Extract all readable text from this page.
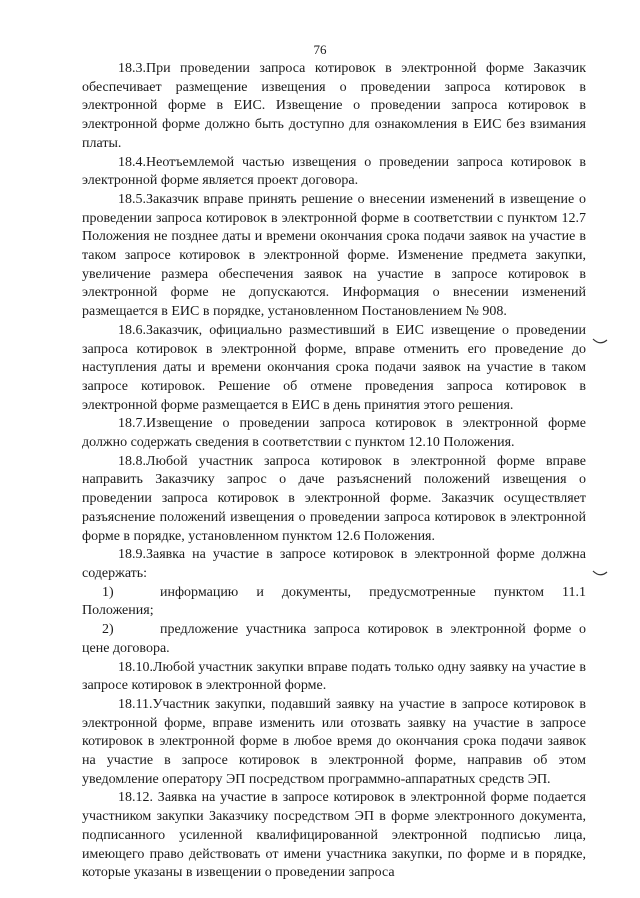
76

18.3.При проведении запроса котировок в электронной форме Заказчик обеспечивает размещение извещения о проведении запроса котировок в электронной форме в ЕИС. Извещение о проведении запроса котировок в электронной форме должно быть доступно для ознакомления в ЕИС без взимания платы.

18.4.Неотъемлемой частью извещения о проведении запроса котировок в электронной форме является проект договора.

18.5.Заказчик вправе принять решение о внесении изменений в извещение о проведении запроса котировок в электронной форме в соответствии с пунктом 12.7 Положения не позднее даты и времени окончания срока подачи заявок на участие в таком запросе котировок в электронной форме. Изменение предмета закупки, увеличение размера обеспечения заявок на участие в запросе котировок в электронной форме не допускаются. Информация о внесении изменений размещается в ЕИС в порядке, установленном Постановлением № 908.

18.6.Заказчик, официально разместивший в ЕИС извещение о проведении запроса котировок в электронной форме, вправе отменить его проведение до наступления даты и времени окончания срока подачи заявок на участие в таком запросе котировок. Решение об отмене проведения запроса котировок в электронной форме размещается в ЕИС в день принятия этого решения.

18.7.Извещение о проведении запроса котировок в электронной форме должно содержать сведения в соответствии с пунктом 12.10 Положения.

18.8.Любой участник запроса котировок в электронной форме вправе направить Заказчику запрос о даче разъяснений положений извещения о проведении запроса котировок в электронной форме. Заказчик осуществляет разъяснение положений извещения о проведении запроса котировок в электронной форме в порядке, установленном пунктом 12.6 Положения.

18.9.Заявка на участие в запросе котировок в электронной форме должна содержать:

1)	информацию и документы, предусмотренные пунктом 11.1 Положения;

2)	предложение участника запроса котировок в электронной форме о цене договора.

18.10.Любой участник закупки вправе подать только одну заявку на участие в запросе котировок в электронной форме.

18.11.Участник закупки, подавший заявку на участие в запросе котировок в электронной форме, вправе изменить или отозвать заявку на участие в запросе котировок в электронной форме в любое время до окончания срока подачи заявок на участие в запросе котировок в электронной форме, направив об этом уведомление оператору ЭП посредством программно-аппаратных средств ЭП.

18.12. Заявка на участие в запросе котировок в электронной форме подается участником закупки Заказчику посредством ЭП в форме электронного документа, подписанного усиленной квалифицированной электронной подписью лица, имеющего право действовать от имени участника закупки, по форме и в порядке, которые указаны в извещении о проведении запроса
